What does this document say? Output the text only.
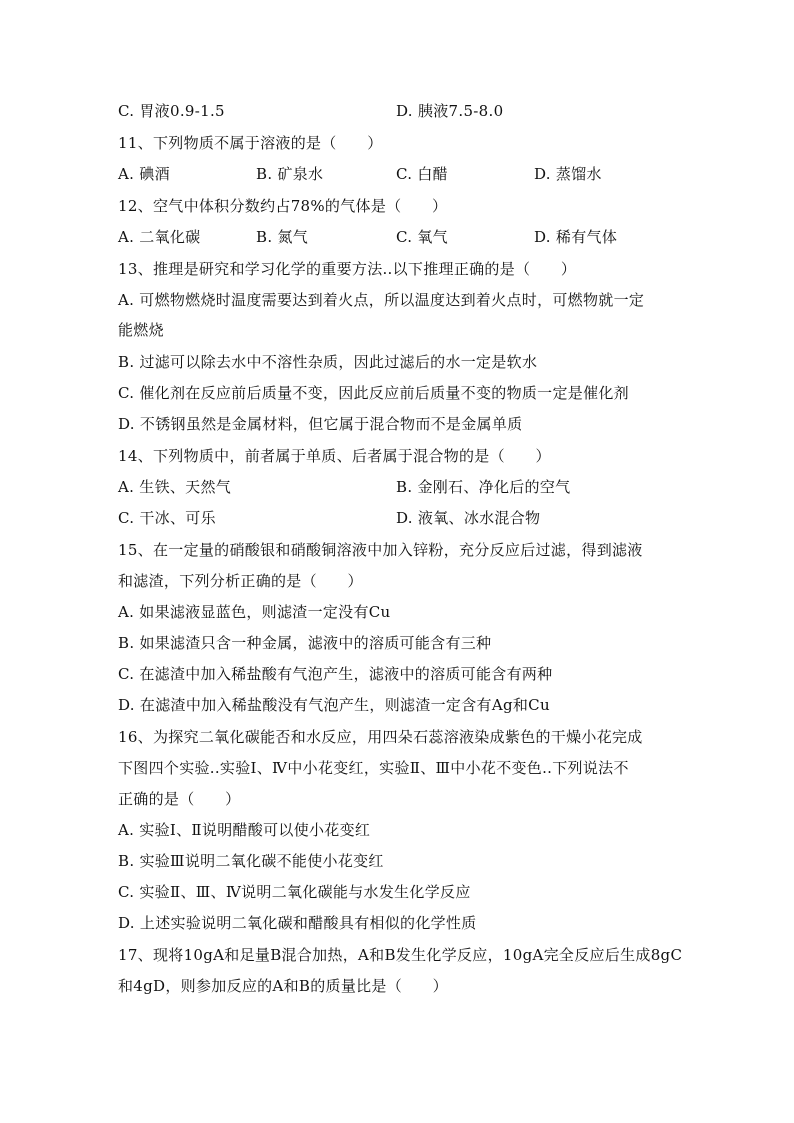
C. 胃液0.9-1.5	D. 胰液7.5-8.0
11、下列物质不属于溶液的是（　　）
A. 碘酒	B. 矿泉水	C. 白醋	D. 蒸馏水
12、空气中体积分数约占78%的气体是（　　）
A. 二氧化碳	B. 氮气	C. 氧气	D. 稀有气体
13、推理是研究和学习化学的重要方法..以下推理正确的是（　　）
A. 可燃物燃烧时温度需要达到着火点，所以温度达到着火点时，可燃物就一定
能燃烧
B. 过滤可以除去水中不溶性杂质，因此过滤后的水一定是软水
C. 催化剂在反应前后质量不变，因此反应前后质量不变的物质一定是催化剂
D. 不锈钢虽然是金属材料，但它属于混合物而不是金属单质
14、下列物质中，前者属于单质、后者属于混合物的是（　　）
A. 生铁、天然气	B. 金刚石、净化后的空气
C. 干冰、可乐	D. 液氧、冰水混合物
15、在一定量的硝酸银和硝酸铜溶液中加入锌粉，充分反应后过滤，得到滤液
和滤渣，下列分析正确的是（　　）
A. 如果滤液显蓝色，则滤渣一定没有Cu
B. 如果滤渣只含一种金属，滤液中的溶质可能含有三种
C. 在滤渣中加入稀盐酸有气泡产生，滤液中的溶质可能含有两种
D. 在滤渣中加入稀盐酸没有气泡产生，则滤渣一定含有Ag和Cu
16、为探究二氧化碳能否和水反应，用四朵石蕊溶液染成紫色的干燥小花完成
下图四个实验..实验Ⅰ、Ⅳ中小花变红，实验Ⅱ、Ⅲ中小花不变色..下列说法不
正确的是（　　）
A. 实验Ⅰ、Ⅱ说明醋酸可以使小花变红
B. 实验Ⅲ说明二氧化碳不能使小花变红
C. 实验Ⅱ、Ⅲ、Ⅳ说明二氧化碳能与水发生化学反应
D. 上述实验说明二氧化碳和醋酸具有相似的化学性质
17、现将10gA和足量B混合加热，A和B发生化学反应，10gA完全反应后生成8gC
和4gD，则参加反应的A和B的质量比是（　　）
